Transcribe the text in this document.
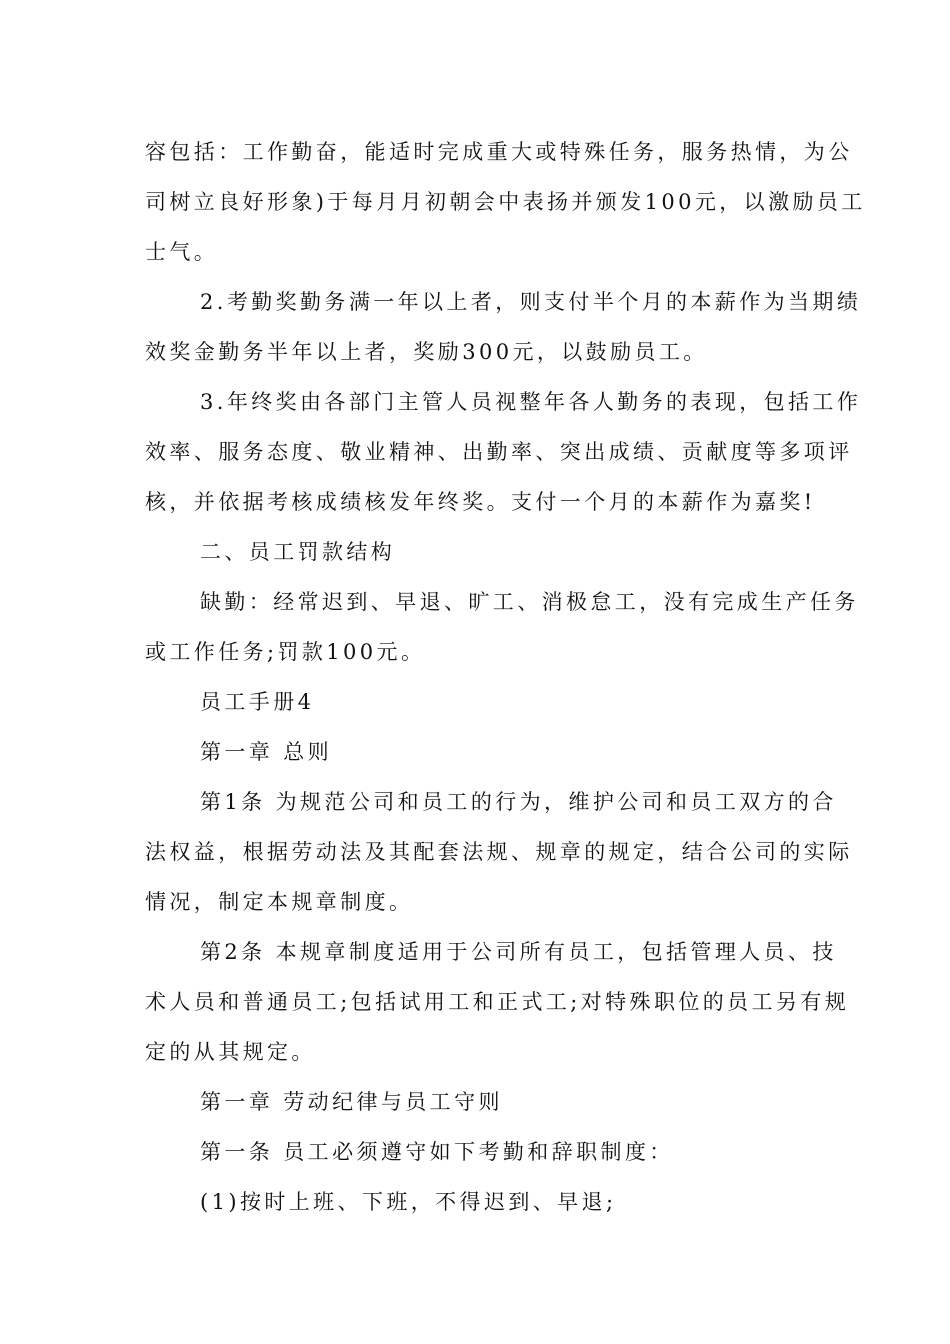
容包括：工作勤奋，能适时完成重大或特殊任务，服务热情，为公
司树立良好形象)于每月月初朝会中表扬并颁发100元，以激励员工
士气。
2.考勤奖勤务满一年以上者，则支付半个月的本薪作为当期绩
效奖金勤务半年以上者，奖励300元，以鼓励员工。
3.年终奖由各部门主管人员视整年各人勤务的表现，包括工作
效率、服务态度、敬业精神、出勤率、突出成绩、贡献度等多项评
核，并依据考核成绩核发年终奖。支付一个月的本薪作为嘉奖!
二、员工罚款结构
缺勤：经常迟到、早退、旷工、消极怠工，没有完成生产任务
或工作任务;罚款100元。
员工手册4
第一章 总则
第1条 为规范公司和员工的行为，维护公司和员工双方的合
法权益，根据劳动法及其配套法规、规章的规定，结合公司的实际
情况，制定本规章制度。
第2条 本规章制度适用于公司所有员工，包括管理人员、技
术人员和普通员工;包括试用工和正式工;对特殊职位的员工另有规
定的从其规定。
第一章 劳动纪律与员工守则
第一条 员工必须遵守如下考勤和辞职制度：
(1)按时上班、下班，不得迟到、早退;
